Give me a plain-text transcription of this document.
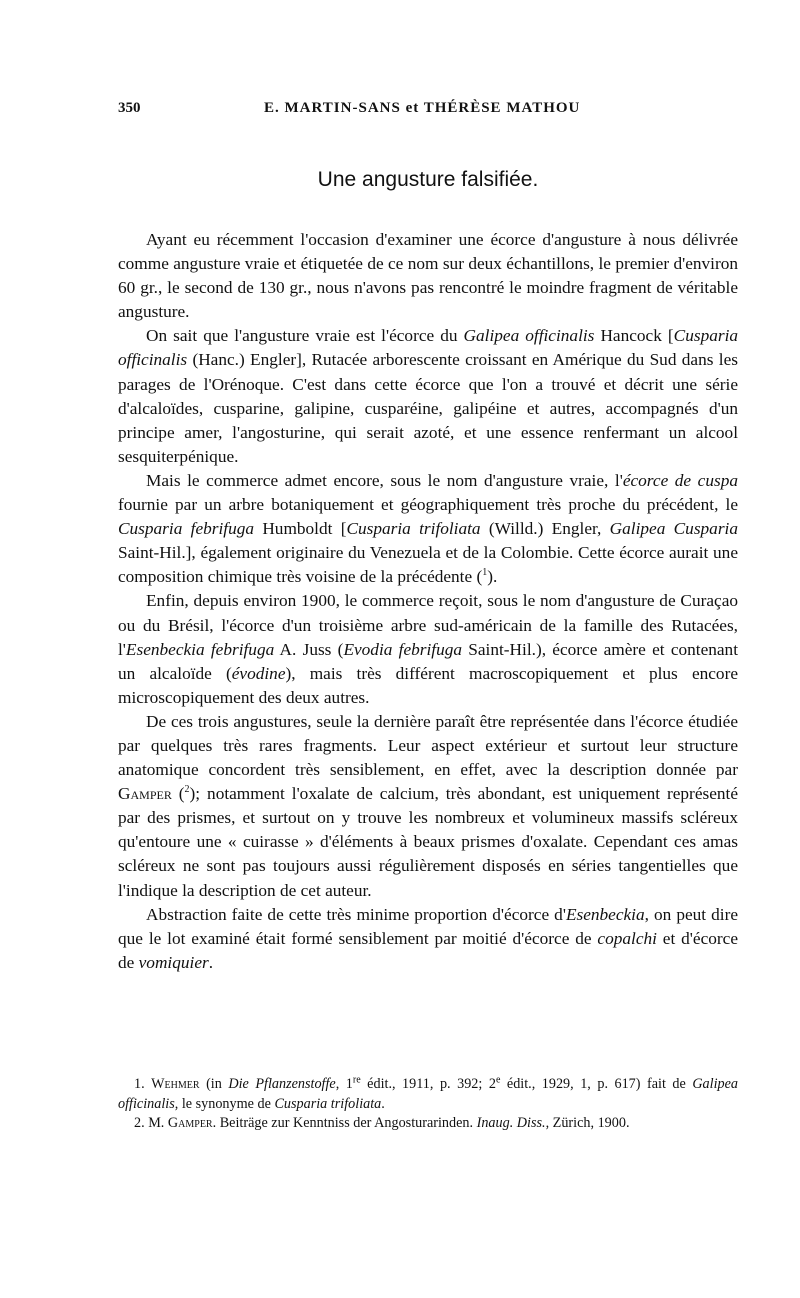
350	E. MARTIN-SANS et THÉRÈSE MATHOU
Une angusture falsifiée.

Ayant eu récemment l'occasion d'examiner une écorce d'angusture à nous délivrée comme angusture vraie et étiquetée de ce nom sur deux échantillons, le premier d'environ 60 gr., le second de 130 gr., nous n'avons pas rencontré le moindre fragment de véritable angusture.

On sait que l'angusture vraie est l'écorce du Galipea officinalis Hancock [Cusparia officinalis (Hanc.) Engler], Rutacée arborescente croissant en Amérique du Sud dans les parages de l'Orénoque. C'est dans cette écorce que l'on a trouvé et décrit une série d'alcaloïdes, cusparine, galipine, cusparéine, galipéine et autres, accompagnés d'un principe amer, l'angosturine, qui serait azoté, et une essence renfermant un alcool sesquiterpénique.

Mais le commerce admet encore, sous le nom d'angusture vraie, l'écorce de cuspa fournie par un arbre botaniquement et géographiquement très proche du précédent, le Cusparia febrifuga Humboldt [Cusparia trifoliata (Willd.) Engler, Galipea Cusparia Saint-Hil.], également originaire du Venezuela et de la Colombie. Cette écorce aurait une composition chimique très voisine de la précédente ($^1$).

Enfin, depuis environ 1900, le commerce reçoit, sous le nom d'angusture de Curaçao ou du Brésil, l'écorce d'un troisième arbre sud-américain de la famille des Rutacées, l'Esenbeckia febrifuga A. Juss (Evodia febrifuga Saint-Hil.), écorce amère et contenant un alcaloïde (évodine), mais très différent macroscopiquement et plus encore microscopiquement des deux autres.

De ces trois angustures, seule la dernière paraît être représentée dans l'écorce étudiée par quelques très rares fragments. Leur aspect extérieur et surtout leur structure anatomique concordent très sensiblement, en effet, avec la description donnée par Gamper ($^2$); notamment l'oxalate de calcium, très abondant, est uniquement représenté par des prismes, et surtout on y trouve les nombreux et volumineux massifs scléreux qu'entoure une « cuirasse » d'éléments à beaux prismes d'oxalate. Cependant ces amas scléreux ne sont pas toujours aussi régulièrement disposés en séries tangentielles que l'indique la description de cet auteur.

Abstraction faite de cette très minime proportion d'écorce d'Esenbeckia, on peut dire que le lot examiné était formé sensiblement par moitié d'écorce de copalchi et d'écorce de vomiquier.

1. Wehmer (in Die Pflanzenstoffe, 1re édit., 1911, p. 392; 2e édit., 1929, 1, p. 617) fait de Galipea officinalis, le synonyme de Cusparia trifoliata.

2. M. Gamper. Beiträge zur Kenntniss der Angosturarinden. Inaug. Diss., Zürich, 1900.
